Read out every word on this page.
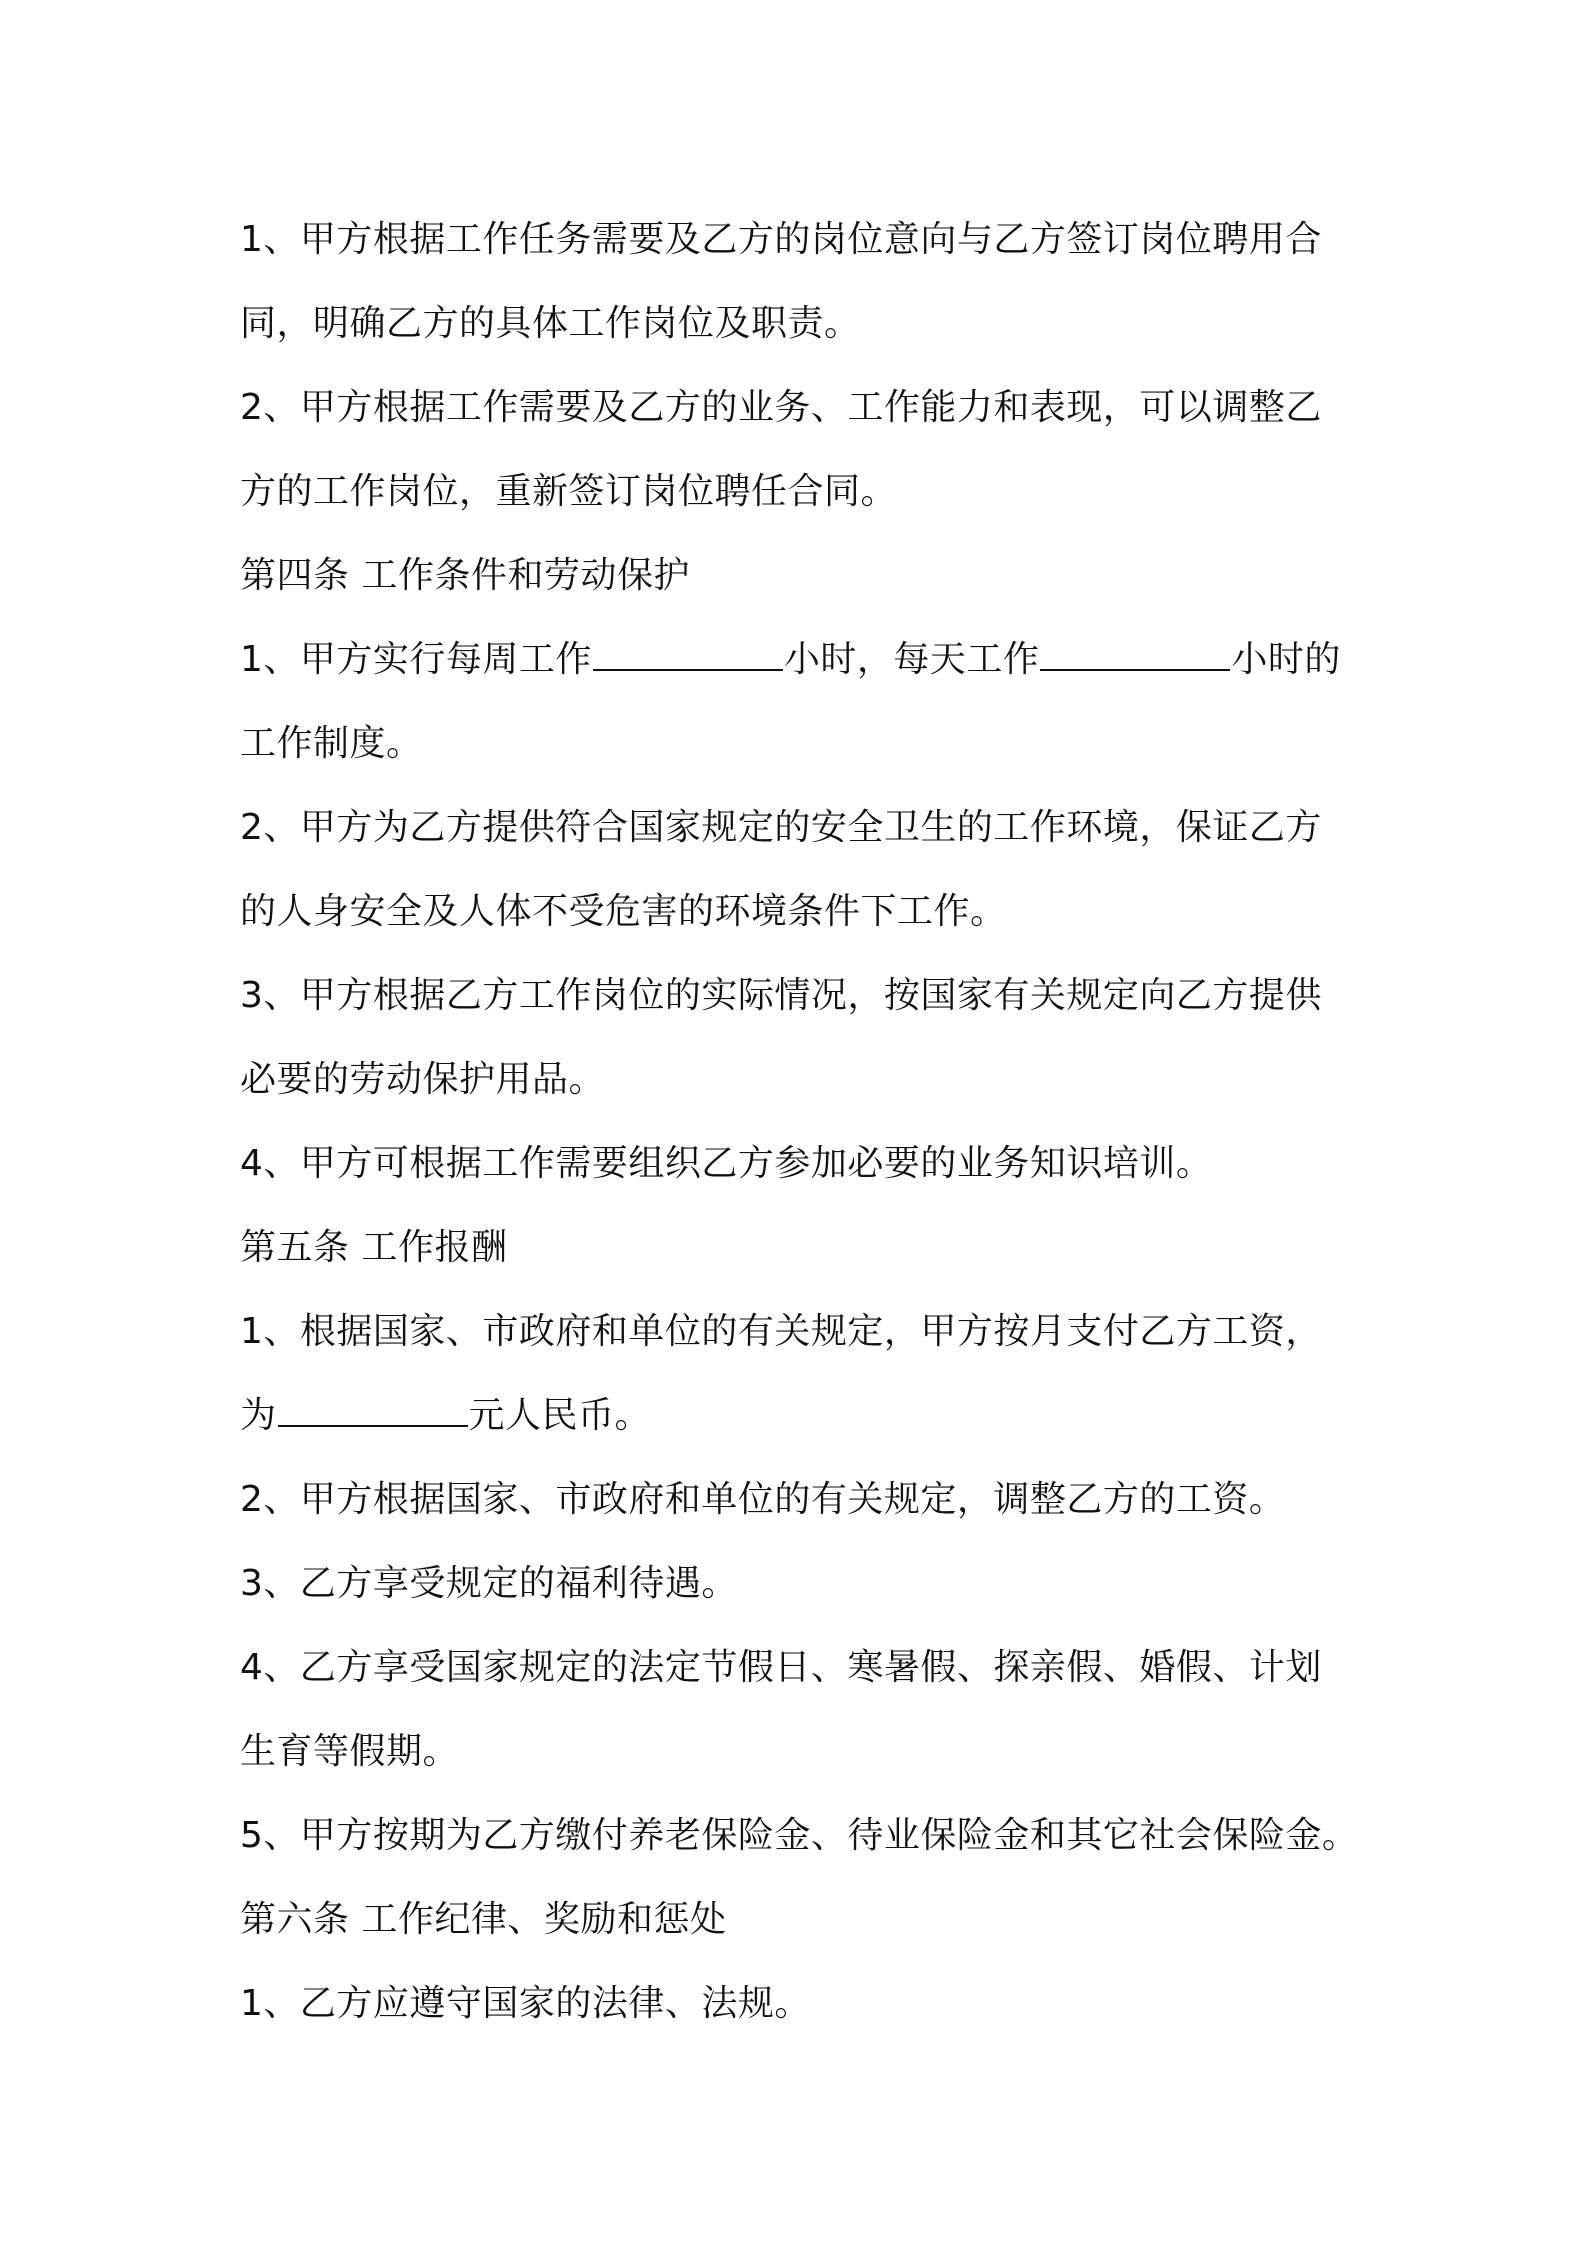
1、甲方根据工作任务需要及乙方的岗位意向与乙方签订岗位聘用合
同，明确乙方的具体工作岗位及职责。
2、甲方根据工作需要及乙方的业务、工作能力和表现，可以调整乙
方的工作岗位，重新签订岗位聘任合同。
第四条 工作条件和劳动保护
1、甲方实行每周工作	小时，每天工作	小时的
工作制度。
2、甲方为乙方提供符合国家规定的安全卫生的工作环境，保证乙方
的人身安全及人体不受危害的环境条件下工作。
3、甲方根据乙方工作岗位的实际情况，按国家有关规定向乙方提供
必要的劳动保护用品。
4、甲方可根据工作需要组织乙方参加必要的业务知识培训。
第五条 工作报酬
1、根据国家、市政府和单位的有关规定，甲方按月支付乙方工资，
为	元人民币。
2、甲方根据国家、市政府和单位的有关规定，调整乙方的工资。
3、乙方享受规定的福利待遇。
4、乙方享受国家规定的法定节假日、寒暑假、探亲假、婚假、计划
生育等假期。
5、甲方按期为乙方缴付养老保险金、待业保险金和其它社会保险金。
第六条 工作纪律、奖励和惩处
1、乙方应遵守国家的法律、法规。
